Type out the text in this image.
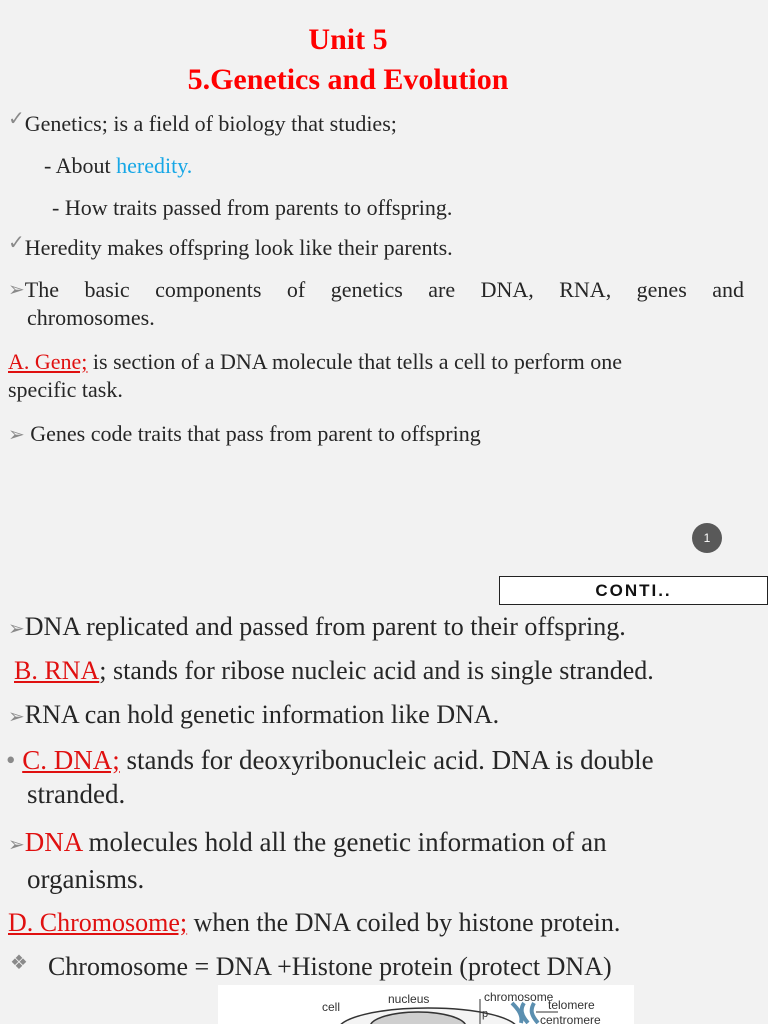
Unit 5
5.Genetics and Evolution
✓Genetics; is a field of biology that studies;
- About heredity.
- How traits passed from parents to offspring.
✓Heredity makes offspring look like their parents.
➢ The basic components of genetics are DNA, RNA, genes and
chromosomes.
A. Gene; is section of a DNA molecule that tells a cell to perform one
specific task.
➢ Genes code traits that pass from parent to offspring
1
CONTI..
➢DNA replicated and passed from parent to their offspring.
B. RNA; stands for ribose nucleic acid and is single stranded.
➢RNA can hold genetic information like DNA.
• C. DNA; stands for deoxyribonucleic acid. DNA is double
stranded.
➢DNA molecules hold all the genetic information of an
organisms.
D. Chromosome; when the DNA coiled by histone protein.
❖ Chromosome = DNA +Histone protein (protect DNA)
cell
nucleus	chromosome
telomere
p	centromere
